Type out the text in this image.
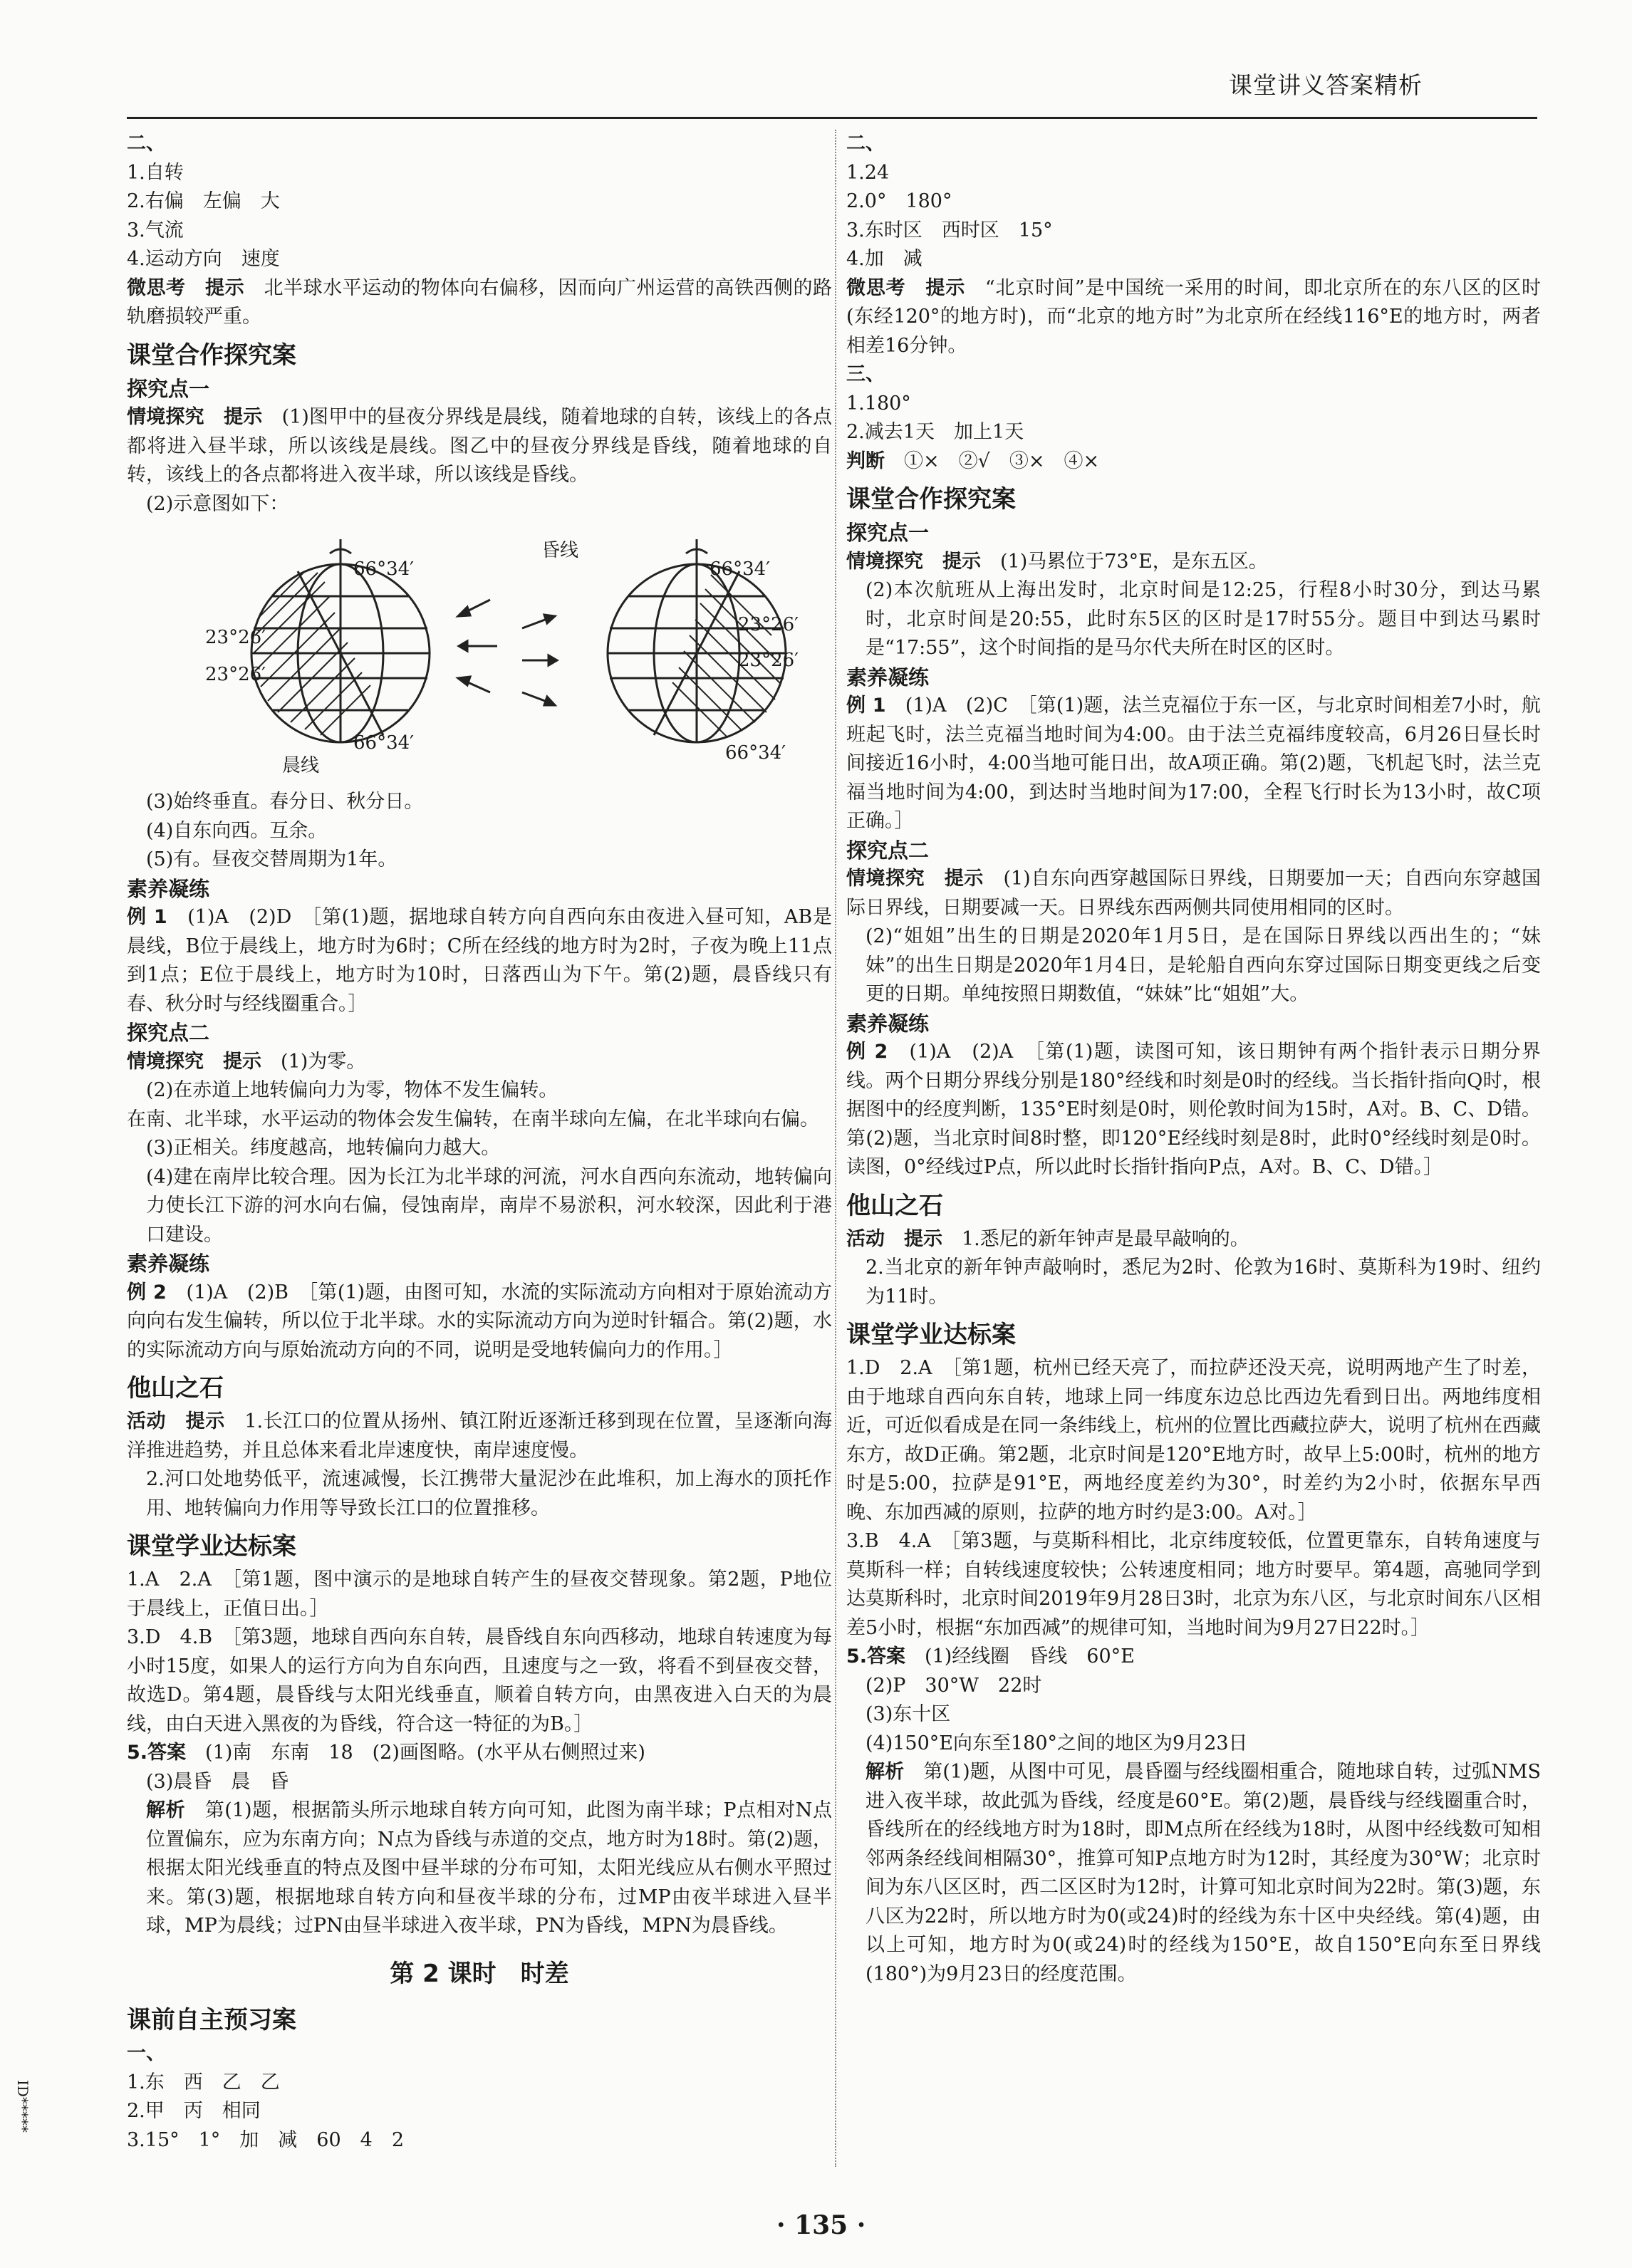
课堂讲义答案精析

二、

1.自转

2.右偏　左偏　大

3.气流

4.运动方向　速度

微思考　提示　 北半球水平运动的物体向右偏移，因而向广州运营的高铁西侧的路轨磨损较严重。

课堂合作探究案

探究点一

情境探究　提示　 (1)图甲中的昼夜分界线是晨线，随着地球的自转，该线上的各点都将进入昼半球，所以该线是晨线。图乙中的昼夜分界线是昏线，随着地球的自转，该线上的各点都将进入夜半球，所以该线是昏线。

(2)示意图如下：

66°34′
23°26′
23°26′
66°34′
晨线
昏线
66°34′
23°26′
23°26′
66°34′

(3)始终垂直。春分日、秋分日。

(4)自东向西。互余。

(5)有。昼夜交替周期为1年。

素养凝练

例 1　 (1)A　(2)D　［第(1)题，据地球自转方向自西向东由夜进入昼可知，AB是晨线，B位于晨线上，地方时为6时；C所在经线的地方时为2时，子夜为晚上11点到1点；E位于晨线上，地方时为10时，日落西山为下午。第(2)题，晨昏线只有春、秋分时与经线圈重合。］

探究点二

情境探究　提示　 (1)为零。

(2)在赤道上地转偏向力为零，物体不发生偏转。

在南、北半球，水平运动的物体会发生偏转，在南半球向左偏，在北半球向右偏。

(3)正相关。纬度越高，地转偏向力越大。

(4)建在南岸比较合理。因为长江为北半球的河流，河水自西向东流动，地转偏向力使长江下游的河水向右偏，侵蚀南岸，南岸不易淤积，河水较深，因此利于港口建设。

素养凝练

例 2　 (1)A　(2)B　［第(1)题，由图可知，水流的实际流动方向相对于原始流动方向向右发生偏转，所以位于北半球。水的实际流动方向为逆时针辐合。第(2)题，水的实际流动方向与原始流动方向的不同，说明是受地转偏向力的作用。］

他山之石

活动　提示　 1.长江口的位置从扬州、镇江附近逐渐迁移到现在位置，呈逐渐向海洋推进趋势，并且总体来看北岸速度快，南岸速度慢。

2.河口处地势低平，流速减慢，长江携带大量泥沙在此堆积，加上海水的顶托作用、地转偏向力作用等导致长江口的位置推移。

课堂学业达标案

1.A　2.A　［第1题，图中演示的是地球自转产生的昼夜交替现象。第2题，P地位于晨线上，正值日出。］

3.D　4.B　［第3题，地球自西向东自转，晨昏线自东向西移动，地球自转速度为每小时15度，如果人的运行方向为自东向西，且速度与之一致，将看不到昼夜交替，故选D。第4题，晨昏线与太阳光线垂直，顺着自转方向，由黑夜进入白天的为晨线，由白天进入黑夜的为昏线，符合这一特征的为B。］

5.答案　 (1)南　东南　18　(2)画图略。(水平从右侧照过来)

(3)晨昏　晨　昏

解析　 第(1)题，根据箭头所示地球自转方向可知，此图为南半球；P点相对N点位置偏东，应为东南方向；N点为昏线与赤道的交点，地方时为18时。第(2)题，根据太阳光线垂直的特点及图中昼半球的分布可知，太阳光线应从右侧水平照过来。第(3)题，根据地球自转方向和昼夜半球的分布，过MP由夜半球进入昼半球，MP为晨线；过PN由昼半球进入夜半球，PN为昏线，MPN为晨昏线。

第 2 课时　时差

课前自主预习案

一、

1.东　西　乙　乙

2.甲　丙　相同

3.15°　1°　加　减　60　4　2

二、

1.24

2.0°　180°

3.东时区　西时区　15°

4.加　减

微思考　提示　 “北京时间”是中国统一采用的时间，即北京所在的东八区的区时(东经120°的地方时)，而“北京的地方时”为北京所在经线116°E的地方时，两者相差16分钟。

三、

1.180°

2.减去1天　加上1天

判断　 ①×　②√　③×　④×

课堂合作探究案

探究点一

情境探究　提示　 (1)马累位于73°E，是东五区。

(2)本次航班从上海出发时，北京时间是12:25，行程8小时30分，到达马累时，北京时间是20:55，此时东5区的区时是17时55分。题目中到达马累时是“17:55”，这个时间指的是马尔代夫所在时区的区时。

素养凝练

例 1　 (1)A　(2)C　［第(1)题，法兰克福位于东一区，与北京时间相差7小时，航班起飞时，法兰克福当地时间为4:00。由于法兰克福纬度较高，6月26日昼长时间接近16小时，4:00当地可能日出，故A项正确。第(2)题，飞机起飞时，法兰克福当地时间为4:00，到达时当地时间为17:00，全程飞行时长为13小时，故C项正确。］

探究点二

情境探究　提示　 (1)自东向西穿越国际日界线，日期要加一天；自西向东穿越国际日界线，日期要减一天。日界线东西两侧共同使用相同的区时。

(2)“姐姐”出生的日期是2020年1月5日，是在国际日界线以西出生的；“妹妹”的出生日期是2020年1月4日，是轮船自西向东穿过国际日期变更线之后变更的日期。单纯按照日期数值，“妹妹”比“姐姐”大。

素养凝练

例 2　 (1)A　(2)A　［第(1)题，读图可知，该日期钟有两个指针表示日期分界线。两个日期分界线分别是180°经线和时刻是0时的经线。当长指针指向Q时，根据图中的经度判断，135°E时刻是0时，则伦敦时间为15时，A对。B、C、D错。第(2)题，当北京时间8时整，即120°E经线时刻是8时，此时0°经线时刻是0时。读图，0°经线过P点，所以此时长指针指向P点，A对。B、C、D错。］

他山之石

活动　提示　 1.悉尼的新年钟声是最早敲响的。

2.当北京的新年钟声敲响时，悉尼为2时、伦敦为16时、莫斯科为19时、纽约为11时。

课堂学业达标案

1.D　2.A　［第1题，杭州已经天亮了，而拉萨还没天亮，说明两地产生了时差，由于地球自西向东自转，地球上同一纬度东边总比西边先看到日出。两地纬度相近，可近似看成是在同一条纬线上，杭州的位置比西藏拉萨大，说明了杭州在西藏东方，故D正确。第2题，北京时间是120°E地方时，故早上5:00时，杭州的地方时是5:00，拉萨是91°E，两地经度差约为30°，时差约为2小时，依据东早西晚、东加西减的原则，拉萨的地方时约是3:00。A对。］

3.B　4.A　［第3题，与莫斯科相比，北京纬度较低，位置更靠东，自转角速度与莫斯科一样；自转线速度较快；公转速度相同；地方时要早。第4题，高驰同学到达莫斯科时，北京时间2019年9月28日3时，北京为东八区，与北京时间东八区相差5小时，根据“东加西减”的规律可知，当地时间为9月27日22时。］

5.答案　 (1)经线圈　昏线　60°E

(2)P　30°W　22时

(3)东十区

(4)150°E向东至180°之间的地区为9月23日

解析　 第(1)题，从图中可见，晨昏圈与经线圈相重合，随地球自转，过弧NMS进入夜半球，故此弧为昏线，经度是60°E。第(2)题，晨昏线与经线圈重合时，昏线所在的经线地方时为18时，即M点所在经线为18时，从图中经线数可知相邻两条经线间相隔30°，推算可知P点地方时为12时，其经度为30°W；北京时间为东八区区时，西二区区时为12时，计算可知北京时间为22时。第(3)题，东八区为22时，所以地方时为0(或24)时的经线为东十区中央经线。第(4)题，由以上可知，地方时为0(或24)时的经线为150°E，故自150°E向东至日界线(180°)为9月23日的经度范围。

· 135 ·
ID*****
